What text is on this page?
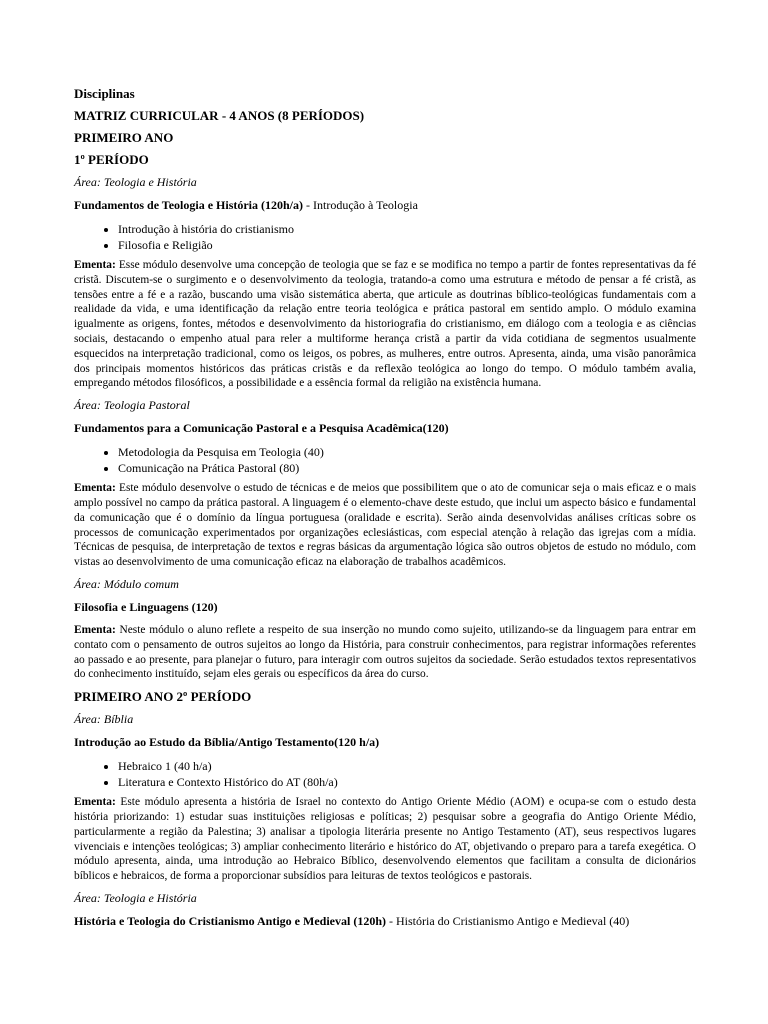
Disciplinas

MATRIZ CURRICULAR - 4 ANOS (8 PERÍODOS)

PRIMEIRO ANO

1º PERÍODO

Área: Teologia e História

Fundamentos de Teologia e História (120h/a) - Introdução à Teologia

• Introdução à história do cristianismo
• Filosofia e Religião

Ementa: Esse módulo desenvolve uma concepção de teologia que se faz e se modifica no tempo a partir de fontes representativas da fé cristã. Discutem-se o surgimento e o desenvolvimento da teologia, tratando-a como uma estrutura e método de pensar a fé cristã, as tensões entre a fé e a razão, buscando uma visão sistemática aberta, que articule as doutrinas bíblico-teológicas fundamentais com a realidade da vida, e uma identificação da relação entre teoria teológica e prática pastoral em sentido amplo. O módulo examina igualmente as origens, fontes, métodos e desenvolvimento da historiografia do cristianismo, em diálogo com a teologia e as ciências sociais, destacando o empenho atual para reler a multiforme herança cristã a partir da vida cotidiana de segmentos usualmente esquecidos na interpretação tradicional, como os leigos, os pobres, as mulheres, entre outros. Apresenta, ainda, uma visão panorâmica dos principais momentos históricos das práticas cristãs e da reflexão teológica ao longo do tempo. O módulo também avalia, empregando métodos filosóficos, a possibilidade e a essência formal da religião na existência humana.

Área: Teologia Pastoral

Fundamentos para a Comunicação Pastoral e a Pesquisa Acadêmica(120)

• Metodologia da Pesquisa em Teologia (40)
• Comunicação na Prática Pastoral (80)

Ementa: Este módulo desenvolve o estudo de técnicas e de meios que possibilitem que o ato de comunicar seja o mais eficaz e o mais amplo possível no campo da prática pastoral. A linguagem é o elemento-chave deste estudo, que inclui um aspecto básico e fundamental da comunicação que é o domínio da língua portuguesa (oralidade e escrita). Serão ainda desenvolvidas análises críticas sobre os processos de comunicação experimentados por organizações eclesiásticas, com especial atenção à relação das igrejas com a mídia. Técnicas de pesquisa, de interpretação de textos e regras básicas da argumentação lógica são outros objetos de estudo no módulo, com vistas ao desenvolvimento de uma comunicação eficaz na elaboração de trabalhos acadêmicos.

Área: Módulo comum

Filosofia e Linguagens (120)

Ementa: Neste módulo o aluno reflete a respeito de sua inserção no mundo como sujeito, utilizando-se da linguagem para entrar em contato com o pensamento de outros sujeitos ao longo da História, para construir conhecimentos, para registrar informações referentes ao passado e ao presente, para planejar o futuro, para interagir com outros sujeitos da sociedade. Serão estudados textos representativos do conhecimento instituído, sejam eles gerais ou específicos da área do curso.

PRIMEIRO ANO 2º PERÍODO

Área: Bíblia

Introdução ao Estudo da Bíblia/Antigo Testamento(120 h/a)

• Hebraico 1 (40 h/a)
• Literatura e Contexto Histórico do AT (80h/a)

Ementa: Este módulo apresenta a história de Israel no contexto do Antigo Oriente Médio (AOM) e ocupa-se com o estudo desta história priorizando: 1) estudar suas instituições religiosas e políticas; 2) pesquisar sobre a geografia do Antigo Oriente Médio, particularmente a região da Palestina; 3) analisar a tipologia literária presente no Antigo Testamento (AT), seus respectivos lugares vivenciais e intenções teológicas; 3) ampliar conhecimento literário e histórico do AT, objetivando o preparo para a tarefa exegética. O módulo apresenta, ainda, uma introdução ao Hebraico Bíblico, desenvolvendo elementos que facilitam a consulta de dicionários bíblicos e hebraicos, de forma a proporcionar subsídios para leituras de textos teológicos e pastorais.

Área: Teologia e História

História e Teologia do Cristianismo Antigo e Medieval (120h) - História do Cristianismo Antigo e Medieval (40)
